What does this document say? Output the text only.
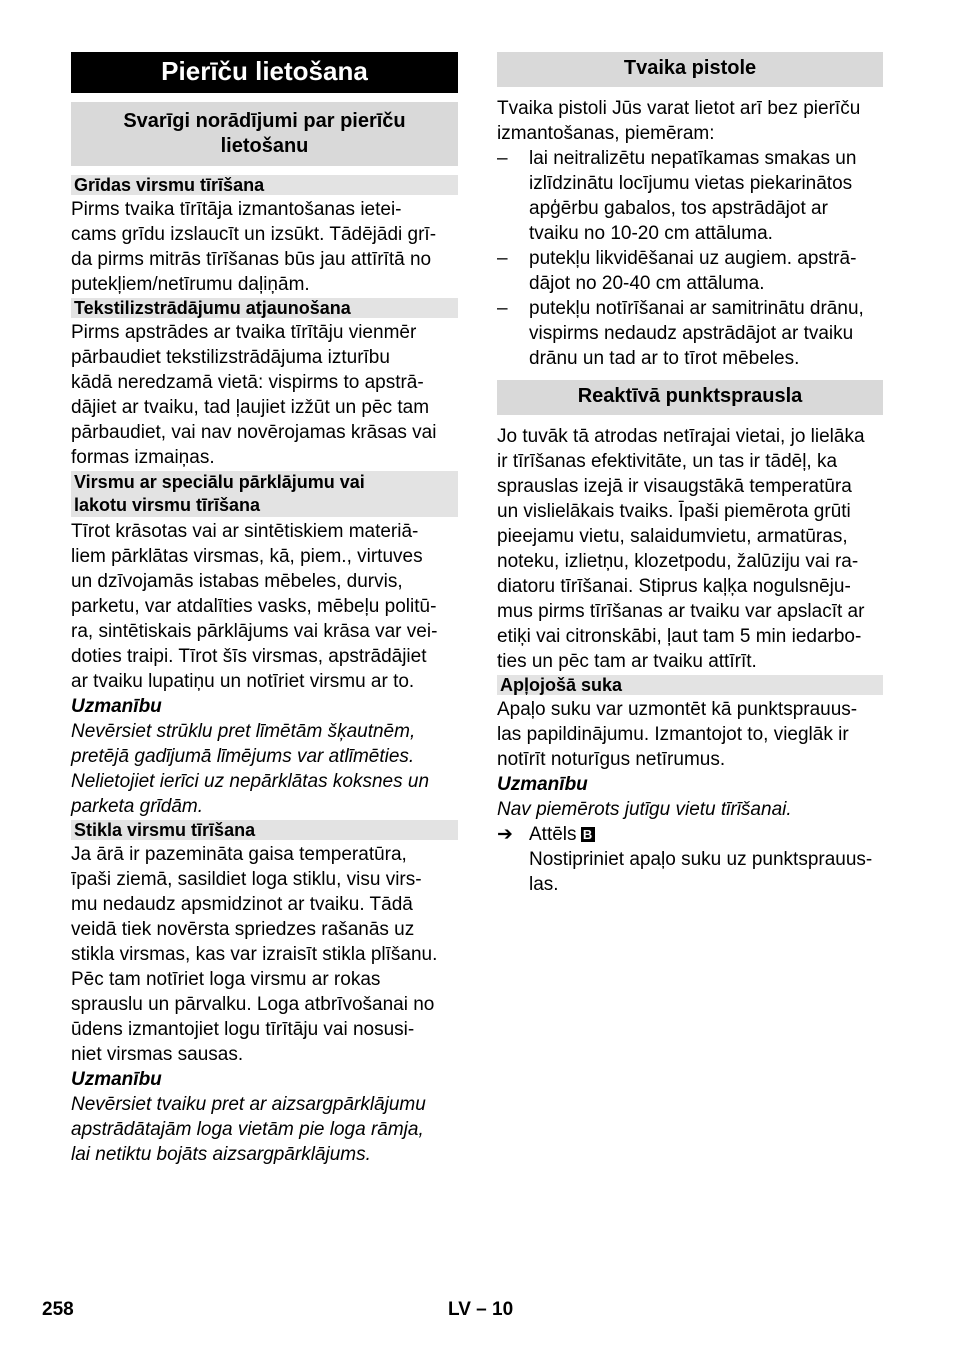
Pierīču lietošana
Svarīgi norādījumi par pierīču lietošanu
Grīdas virsmu tīrīšana

Pirms tvaika tīrītāja izmantošanas ietei-

cams grīdu izslaucīt un izsūkt. Tādējādi grī-

da pirms mitrās tīrīšanas būs jau attīrītā no

putekļiem/netīrumu daļiņām.

Tekstilizstrādājumu atjaunošana

Pirms apstrādes ar tvaika tīrītāju vienmēr

pārbaudiet tekstilizstrādājuma izturību

kādā neredzamā vietā: vispirms to apstrā-

dājiet ar tvaiku, tad ļaujiet izžūt un pēc tam

pārbaudiet, vai nav novērojamas krāsas vai

formas izmaiņas.

Virsmu ar speciālu pārklājumu vai
lakotu virsmu tīrīšana

Tīrot krāsotas vai ar sintētiskiem materiā-

liem pārklātas virsmas, kā, piem., virtuves

un dzīvojamās istabas mēbeles, durvis,

parketu, var atdalīties vasks, mēbeļu politū-

ra, sintētiskais pārklājums vai krāsa var vei-

doties traipi. Tīrot šīs virsmas, apstrādājiet

ar tvaiku lupatiņu un notīriet virsmu ar to.

Uzmanību

Nevērsiet strūklu pret līmētām šķautnēm,

pretējā gadījumā līmējums var atlīmēties.

Nelietojiet ierīci uz nepārklātas koksnes un

parketa grīdām.

Stikla virsmu tīrīšana

Ja ārā ir pazemināta gaisa temperatūra,

īpaši ziemā, sasildiet loga stiklu, visu virs-

mu nedaudz apsmidzinot ar tvaiku. Tādā

veidā tiek novērsta spriedzes rašanās uz

stikla virsmas, kas var izraisīt stikla plīšanu.

Pēc tam notīriet loga virsmu ar rokas

sprauslu un pārvalku. Loga atbrīvošanai no

ūdens izmantojiet logu tīrītāju vai nosusi-

niet virsmas sausas.

Uzmanību

Nevērsiet tvaiku pret ar aizsargpārklājumu

apstrādātajām loga vietām pie loga rāmja,

lai netiktu bojāts aizsargpārklājums.

Tvaika pistole

Tvaika pistoli Jūs varat lietot arī bez pierīču

izmantošanas, piemēram:

– lai neitralizētu nepatīkamas smakas un
izlīdzinātu locījumu vietas piekarinātos
apģērbu gabalos, tos apstrādājot ar
tvaiku no 10-20 cm attāluma.
– putekļu likvidēšanai uz augiem. apstrā-
dājot no 20-40 cm attāluma.
– putekļu notīrīšanai ar samitrinātu drānu,
vispirms nedaudz apstrādājot ar tvaiku
drānu un tad ar to tīrot mēbeles.
Reaktīvā punktsprausla

Jo tuvāk tā atrodas netīrajai vietai, jo lielāka

ir tīrīšanas efektivitāte, un tas ir tādēļ, ka

sprauslas izejā ir visaugstākā temperatūra

un vislielākais tvaiks. Īpaši piemērota grūti

pieejamu vietu, salaidumvietu, armatūras,

noteku, izlietņu, klozetpodu, žalūziju vai ra-

diatoru tīrīšanai. Stiprus kaļķa nogulsnēju-

mus pirms tīrīšanas ar tvaiku var apslacīt ar

etiķi vai citronskābi, ļaut tam 5 min iedarbo-

ties un pēc tam ar tvaiku attīrīt.

Apļojošā suka

Apaļo suku var uzmontēt kā punktsprauus-

las papildinājumu. Izmantojot to, vieglāk ir

notīrīt noturīgus netīrumus.

Uzmanību

Nav piemērots jutīgu vietu tīrīšanai.

➔ Attēls B
Nostipriniet apaļo suku uz punktsprauus-
las.
258	LV – 10
